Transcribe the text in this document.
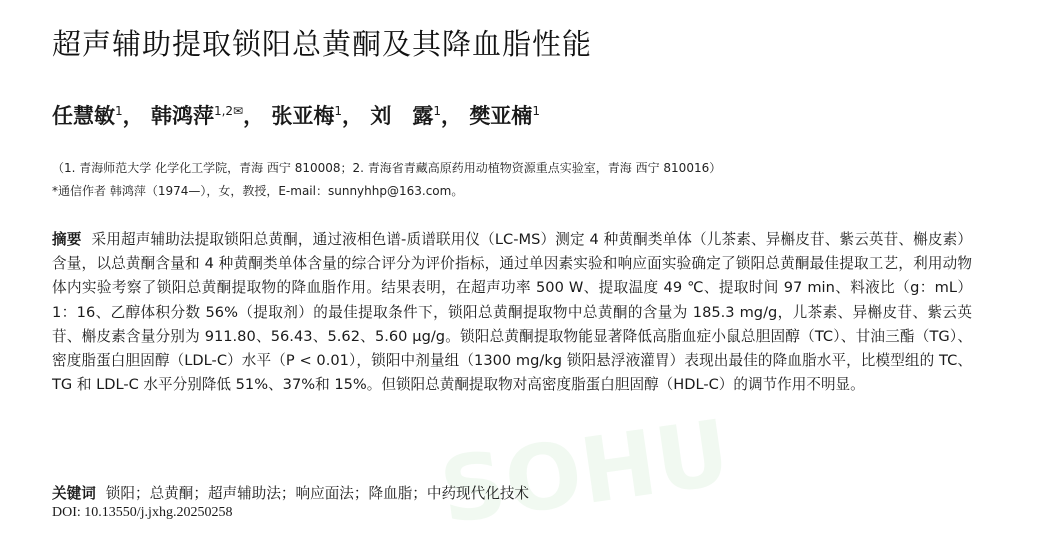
SOHU
超声辅助提取锁阳总黄酮及其降血脂性能
任慧敏$^1$， 韩鸿萍$^{1,2✉}$， 张亚梅$^1$， 刘　露$^1$， 樊亚楠$^1$
（1. 青海师范大学 化学化工学院，青海 西宁 810008；2. 青海省青藏高原药用动植物资源重点实验室，青海 西宁 810016）
*通信作者 韩鸿萍（1974—），女，教授，E-mail：sunnyhhp@163.com。
摘要 采用超声辅助法提取锁阳总黄酮，通过液相色谱-质谱联用仪（LC-MS）测定 4 种黄酮类单体（儿茶素、异槲皮苷、紫云英苷、槲皮素）含量，以总黄酮含量和 4 种黄酮类单体含量的综合评分为评价指标，通过单因素实验和响应面实验确定了锁阳总黄酮最佳提取工艺，利用动物体内实验考察了锁阳总黄酮提取物的降血脂作用。结果表明，在超声功率 500 W、提取温度 49 ℃、提取时间 97 min、料液比（g：mL）1：16、乙醇体积分数 56%（提取剂）的最佳提取条件下，锁阳总黄酮提取物中总黄酮的含量为 185.3 mg/g，儿茶素、异槲皮苷、紫云英苷、槲皮素含量分别为 911.80、56.43、5.62、5.60 μg/g。锁阳总黄酮提取物能显著降低高脂血症小鼠总胆固醇（TC）、甘油三酯（TG）、密度脂蛋白胆固醇（LDL-C）水平（P < 0.01），锁阳中剂量组（1300 mg/kg 锁阳悬浮液灌胃）表现出最佳的降血脂水平，比模型组的 TC、TG 和 LDL-C 水平分别降低 51%、37%和 15%。但锁阳总黄酮提取物对高密度脂蛋白胆固醇（HDL-C）的调节作用不明显。
关键词 锁阳；总黄酮；超声辅助法；响应面法；降血脂；中药现代化技术
DOI: 10.13550/j.jxhg.20250258
